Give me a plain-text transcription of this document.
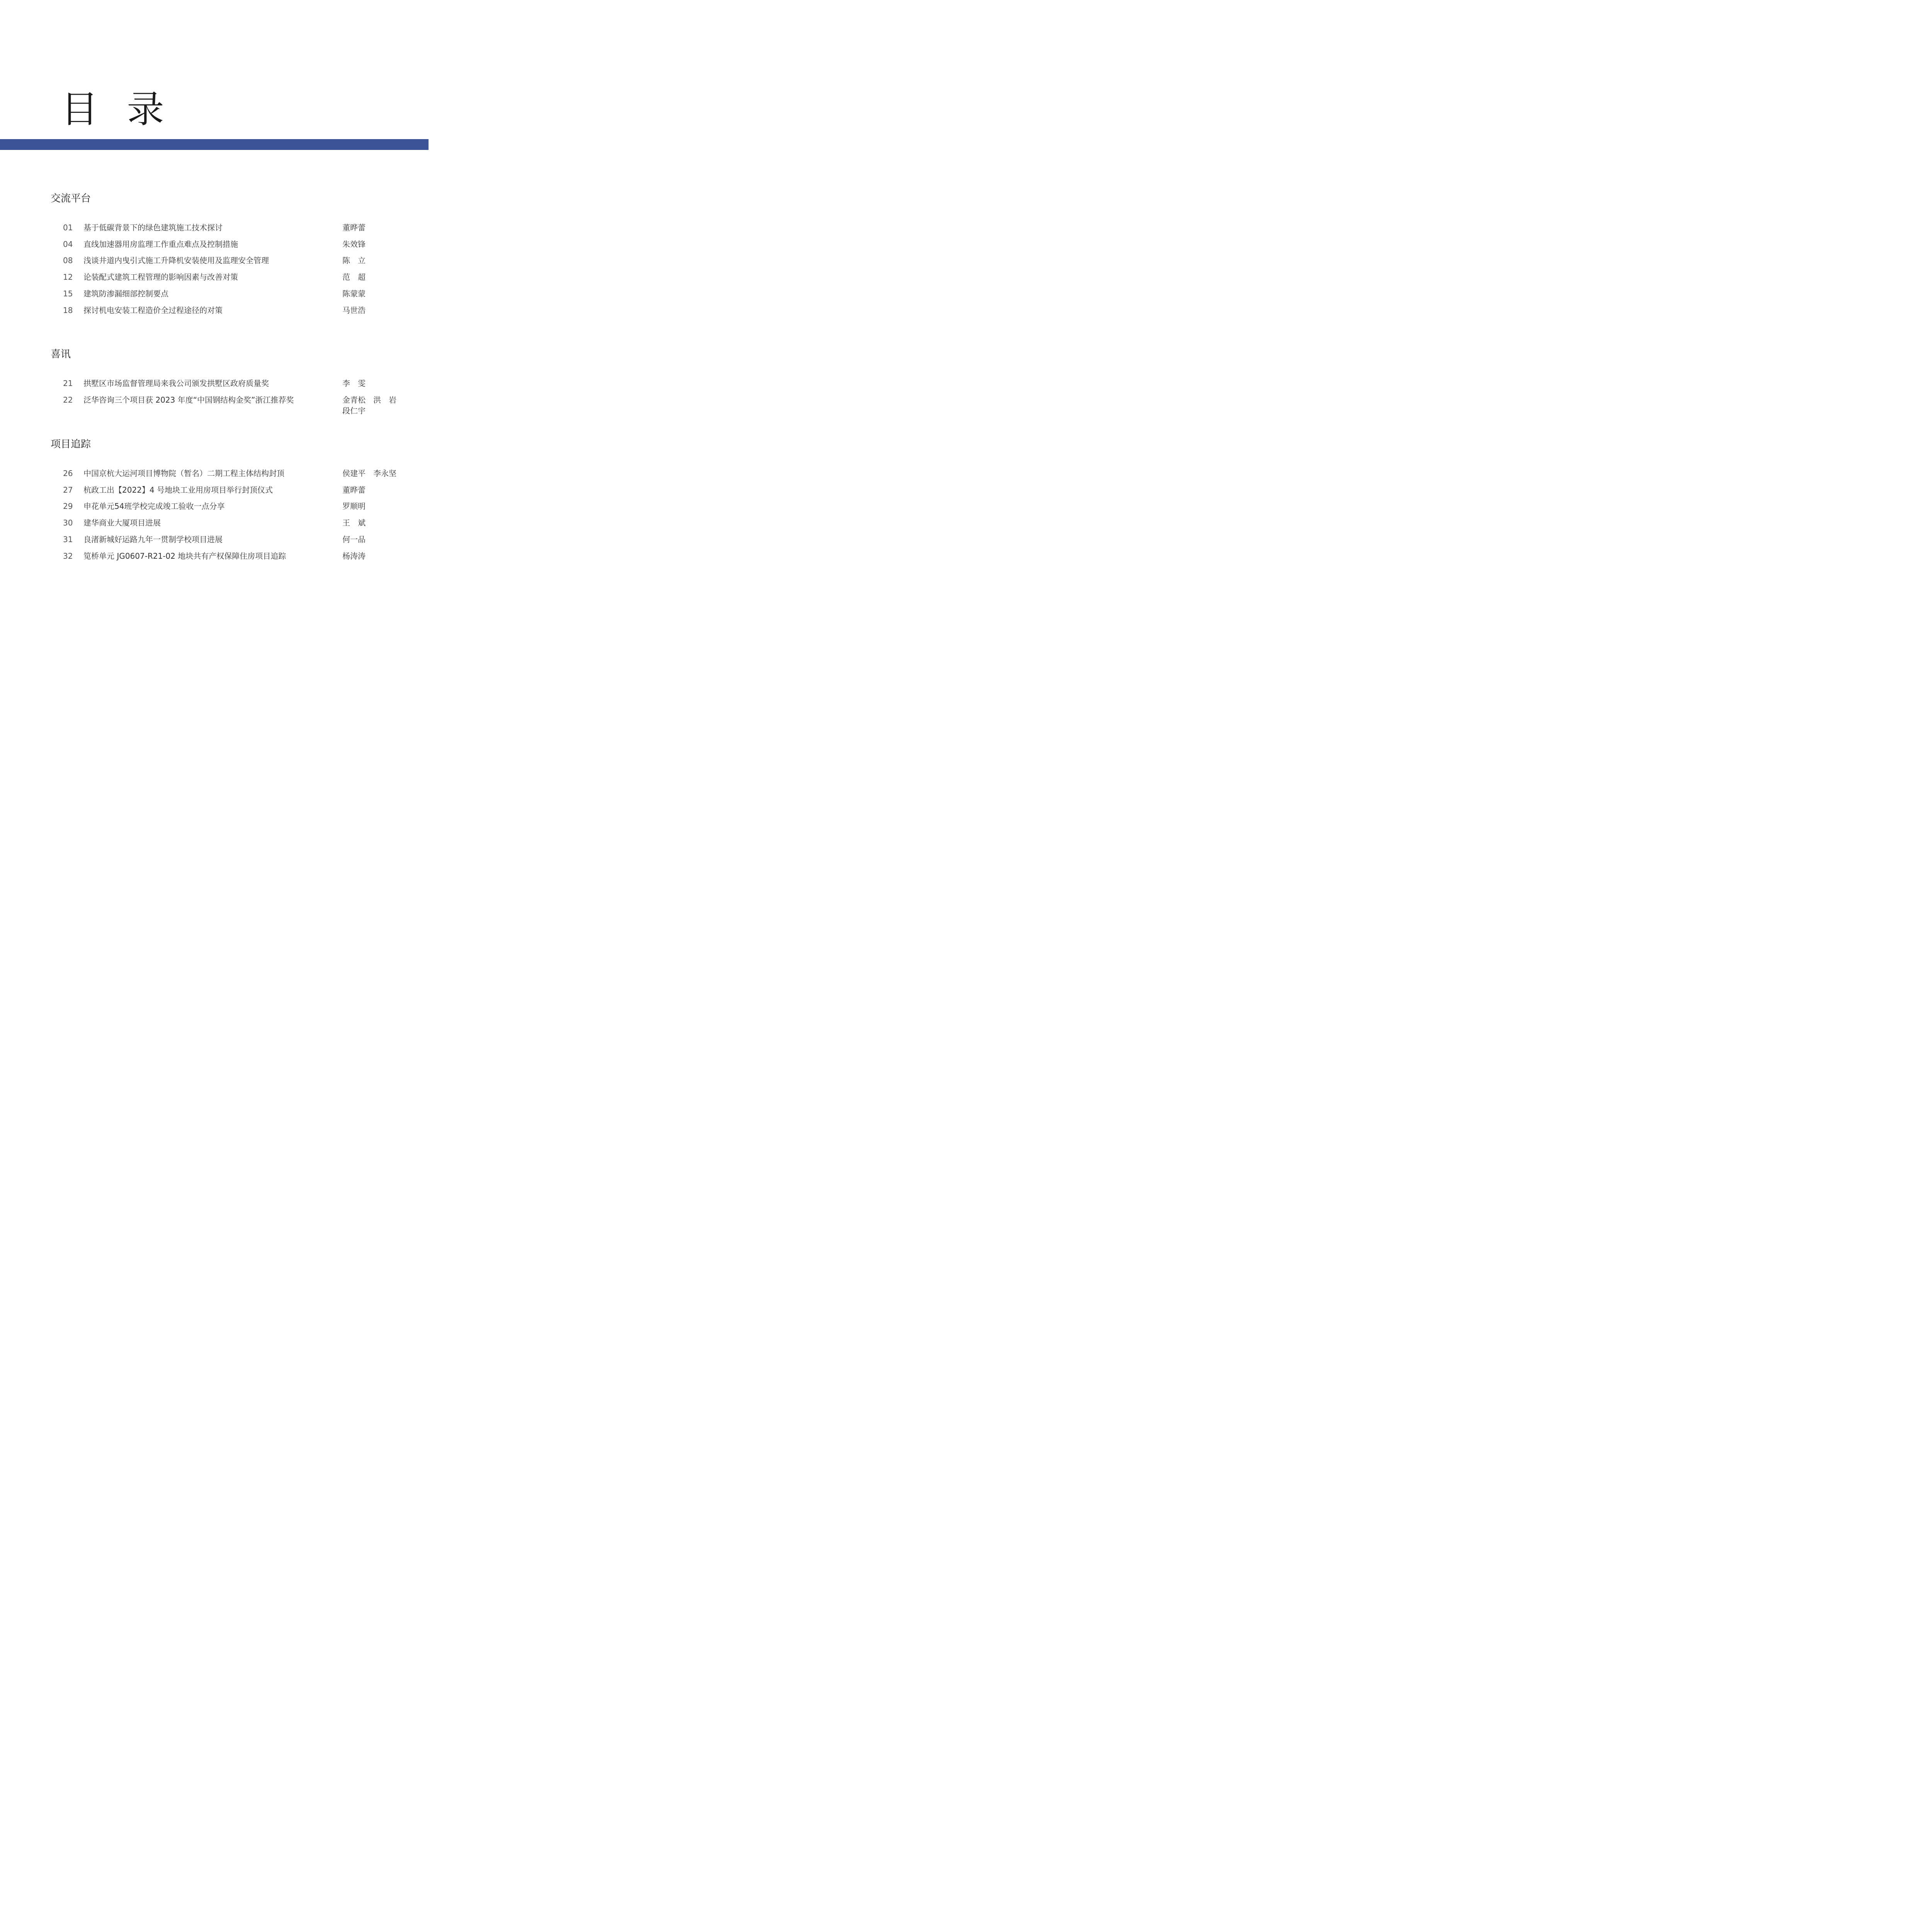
目 录
交流平台
01	基于低碳背景下的绿色建筑施工技术探讨	董晔蕾
04	直线加速器用房监理工作重点难点及控制措施	朱效锋
08	浅谈井道内曳引式施工升降机安装使用及监理安全管理	陈　立
12	论装配式建筑工程管理的影响因素与改善对策	范　超
15	建筑防渗漏细部控制要点	陈蒙蒙
18	探讨机电安装工程造价全过程途径的对策	马世浩
喜讯
21	拱墅区市场监督管理局来我公司颁发拱墅区政府质量奖	李　雯
22	泛华咨询三个项目获 2023 年度“中国钢结构金奖”浙江推荐奖	金青松　洪　岩
段仁宇
项目追踪
26	中国京杭大运河项目博物院（暂名）二期工程主体结构封顶	侯建平　李永坚
27	杭政工出【2022】4 号地块工业用房项目举行封顶仪式	董晔蕾
29	申花单元54班学校完成竣工验收一点分享	罗顺明
30	建华商业大厦项目进展	王　斌
31	良渚新城好运路九年一贯制学校项目进展	何一品
32	笕桥单元 JG0607-R21-02 地块共有产权保障住房项目追踪	杨涛涛
